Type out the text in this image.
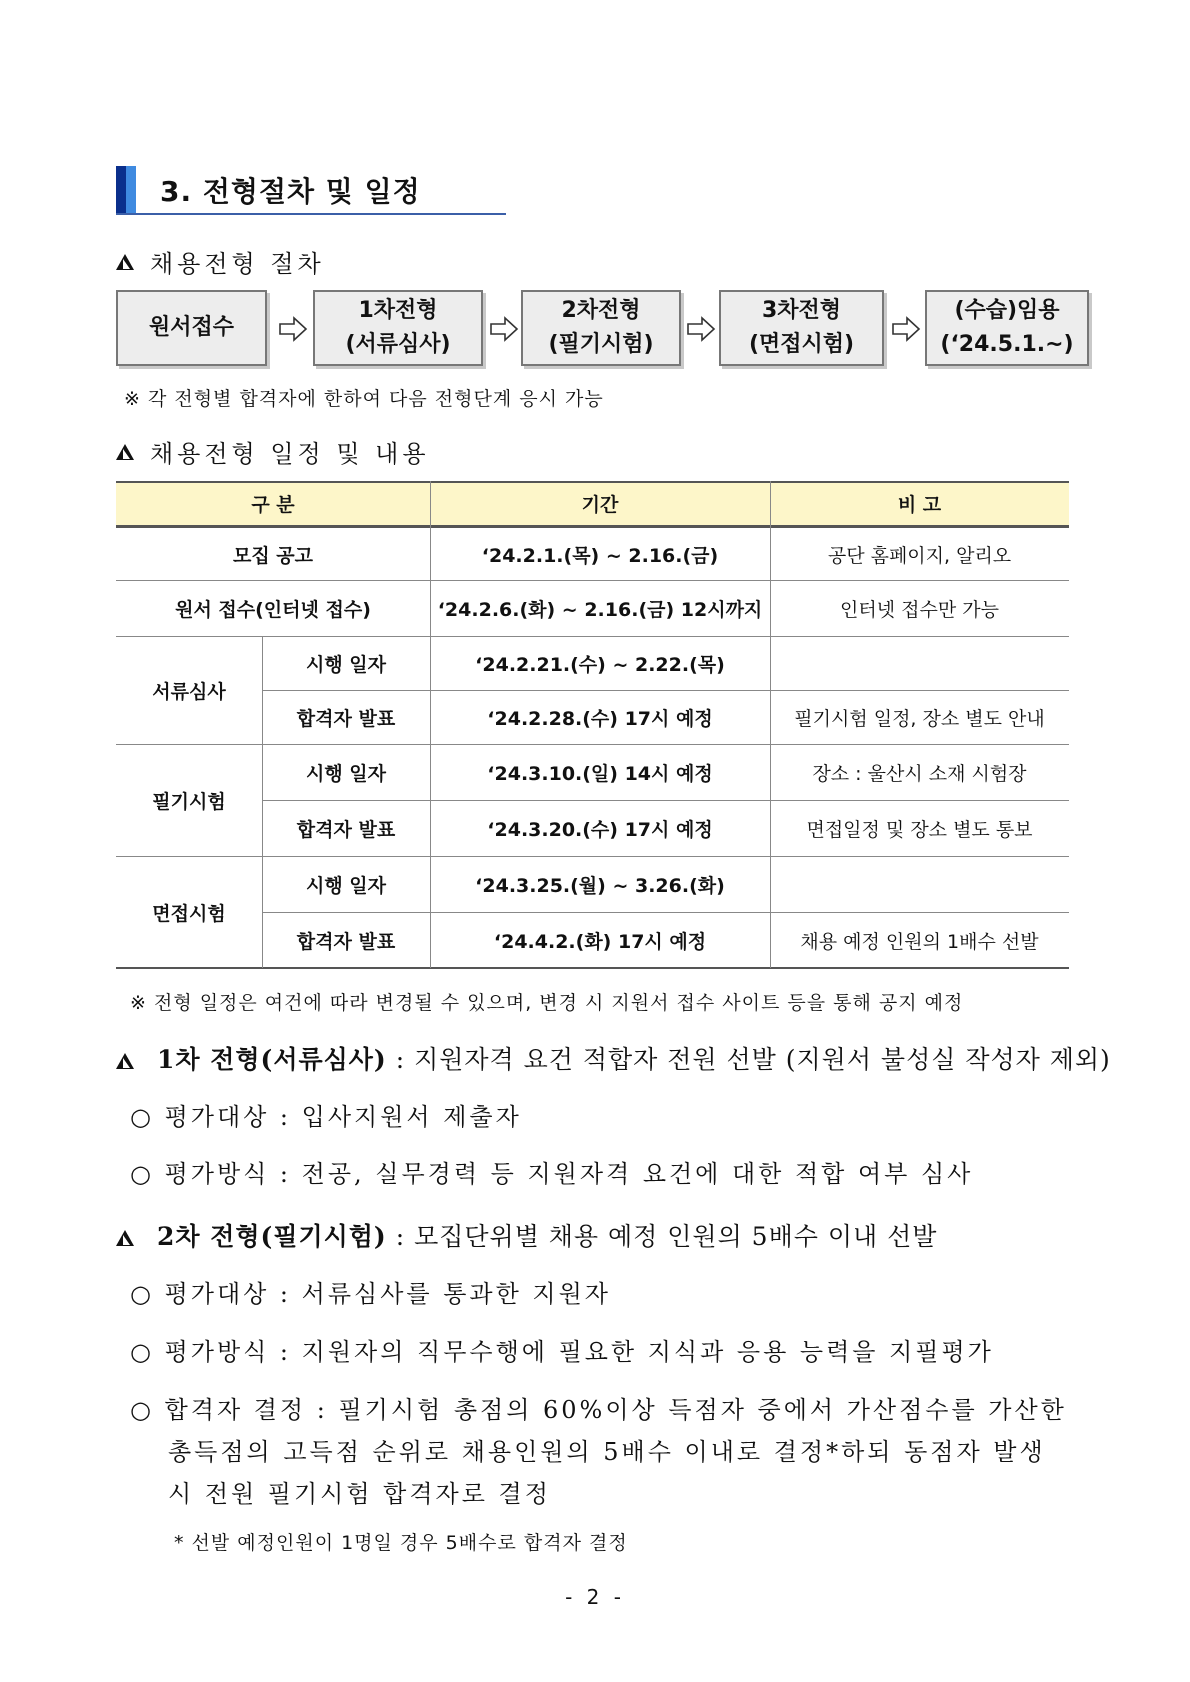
3. 전형절차 및 일정
채용전형 절차
원서접수
1차전형
(서류심사)
2차전형
(필기시험)
3차전형
(면접시험)
(수습)임용
(‘24.5.1.~)
※ 각 전형별 합격자에 한하여 다음 전형단계 응시 가능
채용전형 일정 및 내용
구 분	기간	비 고
모집 공고	‘24.2.1.(목) ~ 2.16.(금)	공단 홈페이지, 알리오
원서 접수(인터넷 접수)	‘24.2.6.(화) ~ 2.16.(금) 12시까지	인터넷 접수만 가능
서류심사
시행 일자	‘24.2.21.(수) ~ 2.22.(목)
합격자 발표	‘24.2.28.(수) 17시 예정	필기시험 일정, 장소 별도 안내
필기시험
시행 일자	‘24.3.10.(일) 14시 예정	장소 : 울산시 소재 시험장
합격자 발표	‘24.3.20.(수) 17시 예정	면접일정 및 장소 별도 통보
면접시험
시행 일자	‘24.3.25.(월) ~ 3.26.(화)
합격자 발표	‘24.4.2.(화) 17시 예정	채용 예정 인원의 1배수 선발
※ 전형 일정은 여건에 따라 변경될 수 있으며, 변경 시 지원서 접수 사이트 등을 통해 공지 예정
1차 전형(서류심사) : 지원자격 요건 적합자 전원 선발 (지원서 불성실 작성자 제외)
○ 평가대상 : 입사지원서 제출자
○ 평가방식 : 전공, 실무경력 등 지원자격 요건에 대한 적합 여부 심사
2차 전형(필기시험) : 모집단위별 채용 예정 인원의 5배수 이내 선발
○ 평가대상 : 서류심사를 통과한 지원자
○ 평가방식 : 지원자의 직무수행에 필요한 지식과 응용 능력을 지필평가
○ 합격자 결정 : 필기시험 총점의 60%이상 득점자 중에서 가산점수를 가산한
총득점의 고득점 순위로 채용인원의 5배수 이내로 결정*하되 동점자 발생
시 전원 필기시험 합격자로 결정
* 선발 예정인원이 1명일 경우 5배수로 합격자 결정
- 2 -
